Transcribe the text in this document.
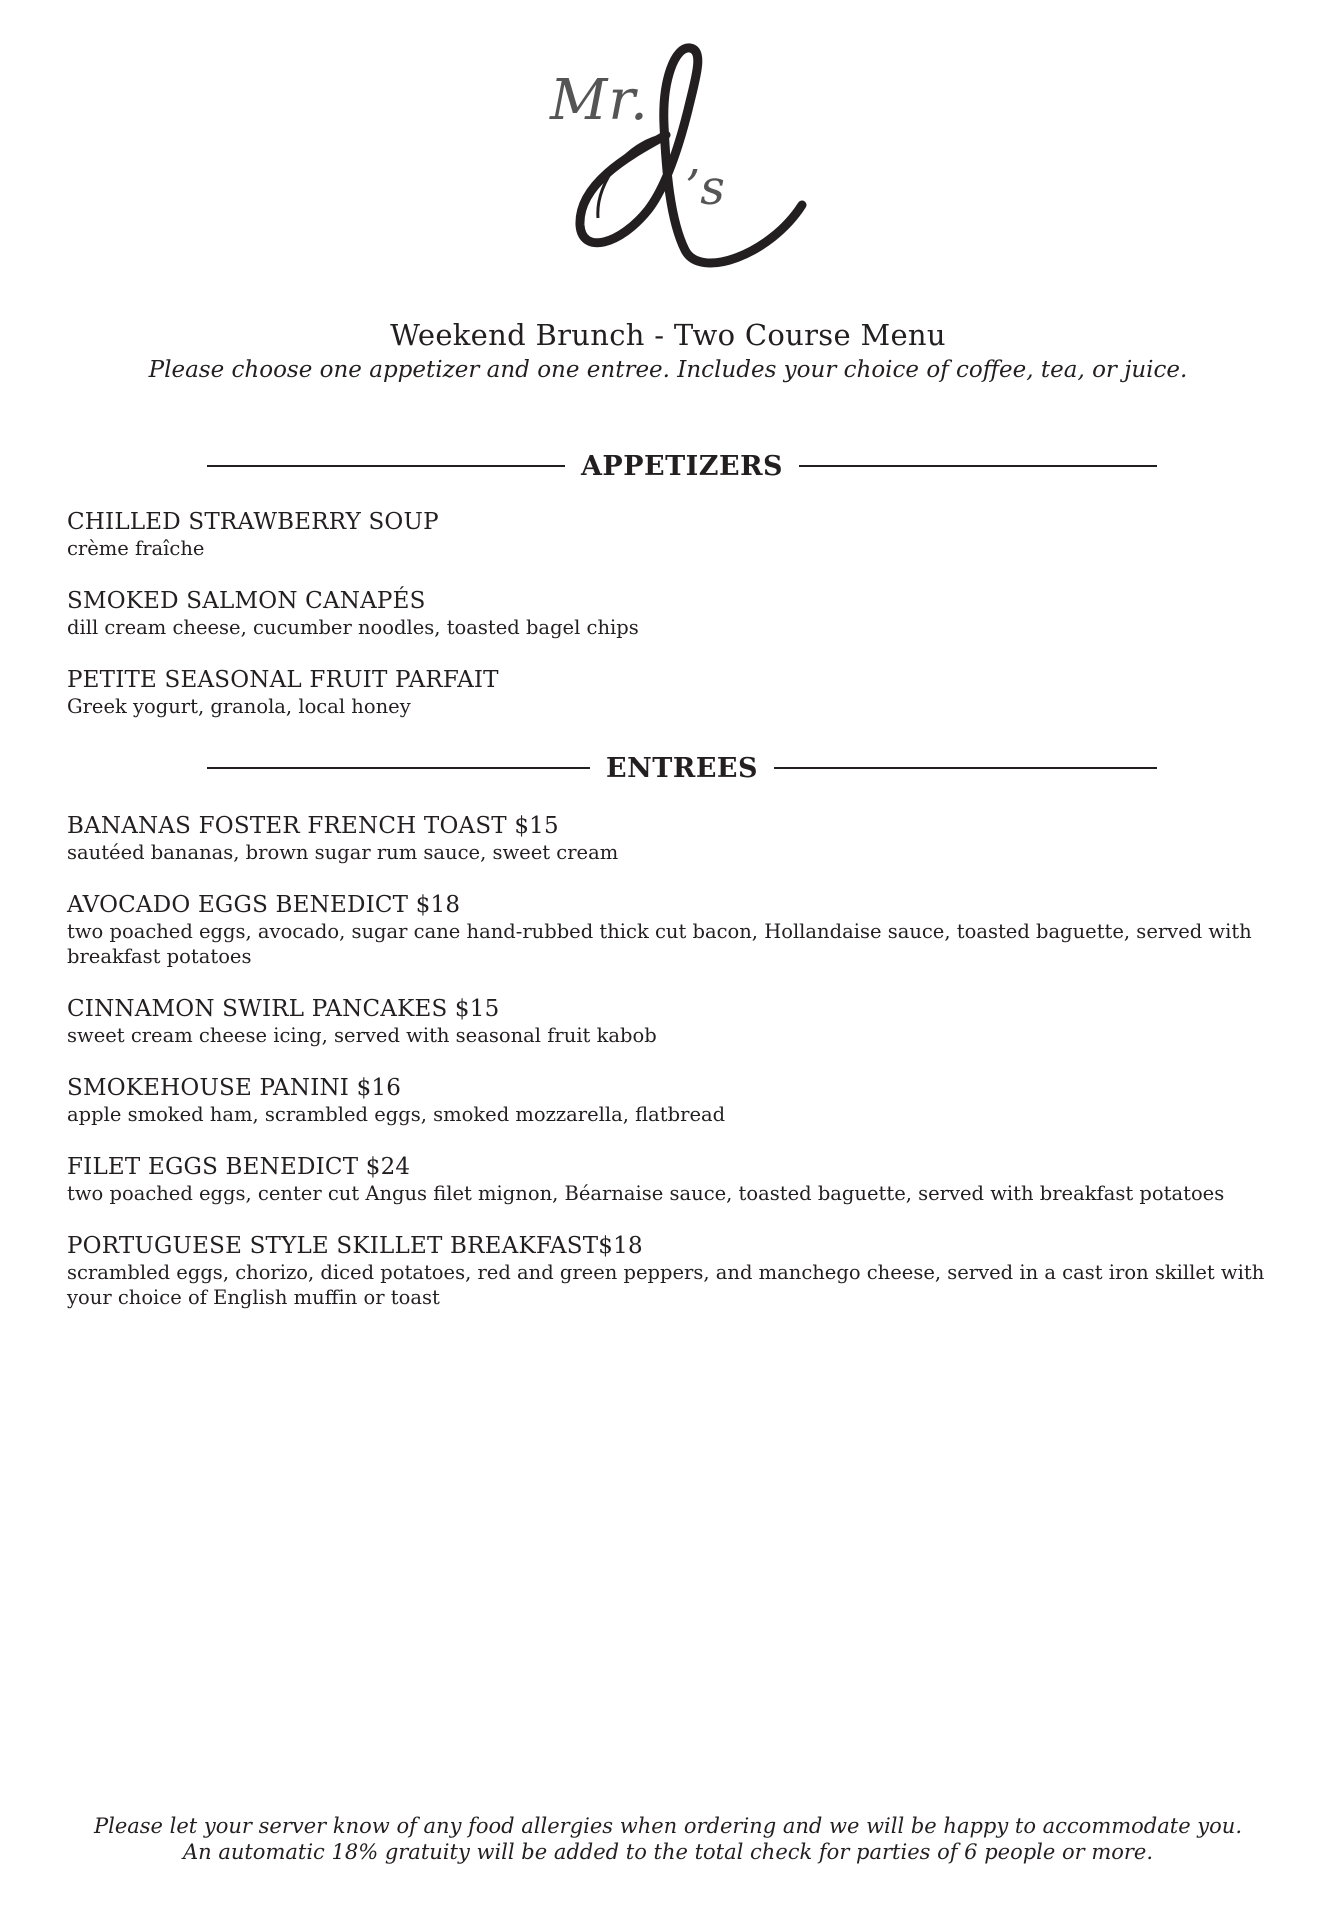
Mr.
’s
Weekend Brunch - Two Course Menu
Please choose one appetizer and one entree. Includes your choice of coffee, tea, or juice.
APPETIZERS
CHILLED STRAWBERRY SOUP
crème fraîche
SMOKED SALMON CANAPÉS
dill cream cheese, cucumber noodles, toasted bagel chips
PETITE SEASONAL FRUIT PARFAIT
Greek yogurt, granola, local honey
ENTREES
BANANAS FOSTER FRENCH TOAST $15
sautéed bananas, brown sugar rum sauce, sweet cream
AVOCADO EGGS BENEDICT $18
two poached eggs, avocado, sugar cane hand-rubbed thick cut bacon, Hollandaise sauce, toasted baguette, served with breakfast potatoes
CINNAMON SWIRL PANCAKES $15
sweet cream cheese icing, served with seasonal fruit kabob
SMOKEHOUSE PANINI $16
apple smoked ham, scrambled eggs, smoked mozzarella, flatbread
FILET EGGS BENEDICT $24
two poached eggs, center cut Angus filet mignon, Béarnaise sauce, toasted baguette, served with breakfast potatoes
PORTUGUESE STYLE SKILLET BREAKFAST$18
scrambled eggs, chorizo, diced potatoes, red and green peppers, and manchego cheese, served in a cast iron skillet with your choice of English muffin or toast
Please let your server know of any food allergies when ordering and we will be happy to accommodate you.
An automatic 18% gratuity will be added to the total check for parties of 6 people or more.
